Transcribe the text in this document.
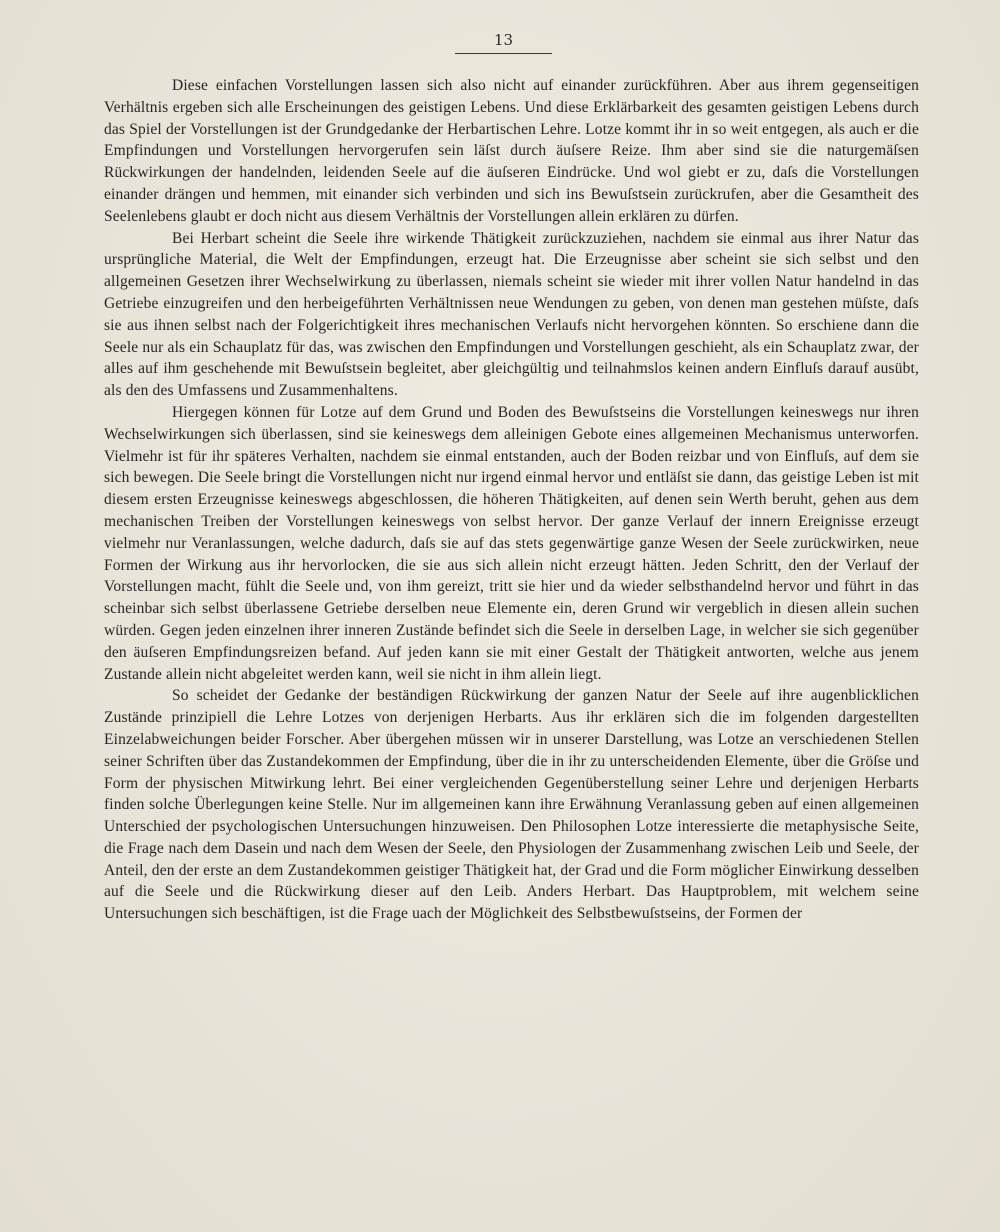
13

Diese einfachen Vorstellungen lassen sich also nicht auf einander zurückführen. Aber aus ihrem gegenseitigen Verhältnis ergeben sich alle Erscheinungen des geistigen Lebens. Und diese Erklärbarkeit des gesamten geistigen Lebens durch das Spiel der Vorstellungen ist der Grundgedanke der Herbartischen Lehre. Lotze kommt ihr in so weit entgegen, als auch er die Empfindungen und Vorstellungen hervorgerufen sein läſst durch äuſsere Reize. Ihm aber sind sie die naturgemäſsen Rückwirkungen der handelnden, leidenden Seele auf die äuſseren Eindrücke. Und wol giebt er zu, daſs die Vorstellungen einander drängen und hemmen, mit einander sich verbinden und sich ins Bewuſstsein zurückrufen, aber die Gesamtheit des Seelenlebens glaubt er doch nicht aus diesem Verhältnis der Vorstellungen allein erklären zu dürfen.

Bei Herbart scheint die Seele ihre wirkende Thätigkeit zurückzuziehen, nachdem sie einmal aus ihrer Natur das ursprüngliche Material, die Welt der Empfindungen, erzeugt hat. Die Erzeugnisse aber scheint sie sich selbst und den allgemeinen Gesetzen ihrer Wechselwirkung zu überlassen, niemals scheint sie wieder mit ihrer vollen Natur handelnd in das Getriebe einzugreifen und den herbeigeführten Verhältnissen neue Wendungen zu geben, von denen man gestehen müſste, daſs sie aus ihnen selbst nach der Folgerichtigkeit ihres mechanischen Verlaufs nicht hervorgehen könnten. So erschiene dann die Seele nur als ein Schauplatz für das, was zwischen den Empfindungen und Vorstellungen geschieht, als ein Schauplatz zwar, der alles auf ihm geschehende mit Bewuſstsein begleitet, aber gleichgültig und teilnahmslos keinen andern Einfluſs darauf ausübt, als den des Umfassens und Zusammenhaltens.

Hiergegen können für Lotze auf dem Grund und Boden des Bewuſstseins die Vorstellungen keineswegs nur ihren Wechselwirkungen sich überlassen, sind sie keineswegs dem alleinigen Gebote eines allgemeinen Mechanismus unterworfen. Vielmehr ist für ihr späteres Verhalten, nachdem sie einmal entstanden, auch der Boden reizbar und von Einfluſs, auf dem sie sich bewegen. Die Seele bringt die Vorstellungen nicht nur irgend einmal hervor und entläſst sie dann, das geistige Leben ist mit diesem ersten Erzeugnisse keineswegs abgeschlossen, die höheren Thätigkeiten, auf denen sein Werth beruht, gehen aus dem mechanischen Treiben der Vorstellungen keineswegs von selbst hervor. Der ganze Verlauf der innern Ereignisse erzeugt vielmehr nur Veranlassungen, welche dadurch, daſs sie auf das stets gegenwärtige ganze Wesen der Seele zurückwirken, neue Formen der Wirkung aus ihr hervorlocken, die sie aus sich allein nicht erzeugt hätten. Jeden Schritt, den der Verlauf der Vorstellungen macht, fühlt die Seele und, von ihm gereizt, tritt sie hier und da wieder selbsthandelnd hervor und führt in das scheinbar sich selbst überlassene Getriebe derselben neue Elemente ein, deren Grund wir vergeblich in diesen allein suchen würden. Gegen jeden einzelnen ihrer inneren Zustände befindet sich die Seele in derselben Lage, in welcher sie sich gegenüber den äuſseren Empfindungsreizen befand. Auf jeden kann sie mit einer Gestalt der Thätigkeit antworten, welche aus jenem Zustande allein nicht abgeleitet werden kann, weil sie nicht in ihm allein liegt.

So scheidet der Gedanke der beständigen Rückwirkung der ganzen Natur der Seele auf ihre augenblicklichen Zustände prinzipiell die Lehre Lotzes von derjenigen Herbarts. Aus ihr erklären sich die im folgenden dargestellten Einzelabweichungen beider Forscher. Aber übergehen müssen wir in unserer Darstellung, was Lotze an verschiedenen Stellen seiner Schriften über das Zustandekommen der Empfindung, über die in ihr zu unterscheidenden Elemente, über die Gröſse und Form der physischen Mitwirkung lehrt. Bei einer vergleichenden Gegenüberstellung seiner Lehre und derjenigen Herbarts finden solche Überlegungen keine Stelle. Nur im allgemeinen kann ihre Erwähnung Veranlassung geben auf einen allgemeinen Unterschied der psychologischen Untersuchungen hinzuweisen. Den Philosophen Lotze interessierte die metaphysische Seite, die Frage nach dem Dasein und nach dem Wesen der Seele, den Physiologen der Zusammenhang zwischen Leib und Seele, der Anteil, den der erste an dem Zustandekommen geistiger Thätigkeit hat, der Grad und die Form möglicher Einwirkung desselben auf die Seele und die Rückwirkung dieser auf den Leib. Anders Herbart. Das Hauptproblem, mit welchem seine Untersuchungen sich beschäftigen, ist die Frage uach der Möglichkeit des Selbstbewuſstseins, der Formen der
